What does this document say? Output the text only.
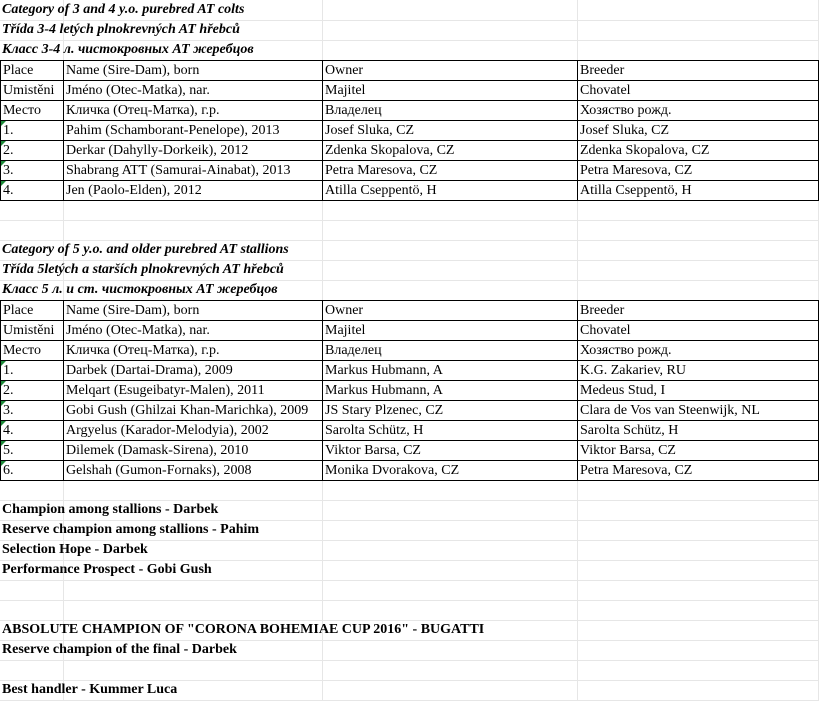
Category of 3 and 4 y.o. purebred AT colts
Třída 3-4 letých plnokrevných AT hřebců
Класс 3-4 л. чистокровных АТ жеребцов
Place	Name (Sire-Dam), born	Owner	Breeder
Umistěni	Jméno (Otec-Matka), nar.	Majitel	Chovatel
Место	Кличка (Отец-Матка), г.р.	Владелец	Хозяство рожд.

1.	Pahim (Schamborant-Penelope), 2013	Josef Sluka, CZ	Josef Sluka, CZ

2.	Derkar (Dahylly-Dorkeik), 2012	Zdenka Skopalova, CZ	Zdenka Skopalova, CZ

3.	Shabrang ATT (Samurai-Ainabat), 2013	Petra Maresova, CZ	Petra Maresova, CZ

4.	Jen (Paolo-Elden), 2012	Atilla Cseppentö, H	Atilla Cseppentö, H
Category of 5 y.o. and older purebred AT stallions
Třída 5letých a starších plnokrevných AT hřebců
Класс 5 л. и ст. чистокровных АТ жеребцов
Place	Name (Sire-Dam), born	Owner	Breeder
Umistěni	Jméno (Otec-Matka), nar.	Majitel	Chovatel
Место	Кличка (Отец-Матка), г.р.	Владелец	Хозяство рожд.

1.	Darbek (Dartai-Drama), 2009	Markus Hubmann, A	K.G. Zakariev, RU

2.	Melqart (Esugeibatyr-Malen), 2011	Markus Hubmann, A	Medeus Stud, I

3.	Gobi Gush (Ghilzai Khan-Marichka), 2009	JS Stary Plzenec, CZ	Clara de Vos van Steenwijk, NL

4.	Argyelus (Karador-Melodyia), 2002	Sarolta Schütz, H	Sarolta Schütz, H

5.	Dilemek (Damask-Sirena), 2010	Viktor Barsa, CZ	Viktor Barsa, CZ

6.	Gelshah (Gumon-Fornaks), 2008	Monika Dvorakova, CZ	Petra Maresova, CZ
Champion among stallions - Darbek
Reserve champion among stallions - Pahim
Selection Hope - Darbek
Performance Prospect - Gobi Gush
ABSOLUTE CHAMPION OF "CORONA BOHEMIAE CUP 2016" - BUGATTI
Reserve champion of the final - Darbek
Best handler - Kummer Luca
